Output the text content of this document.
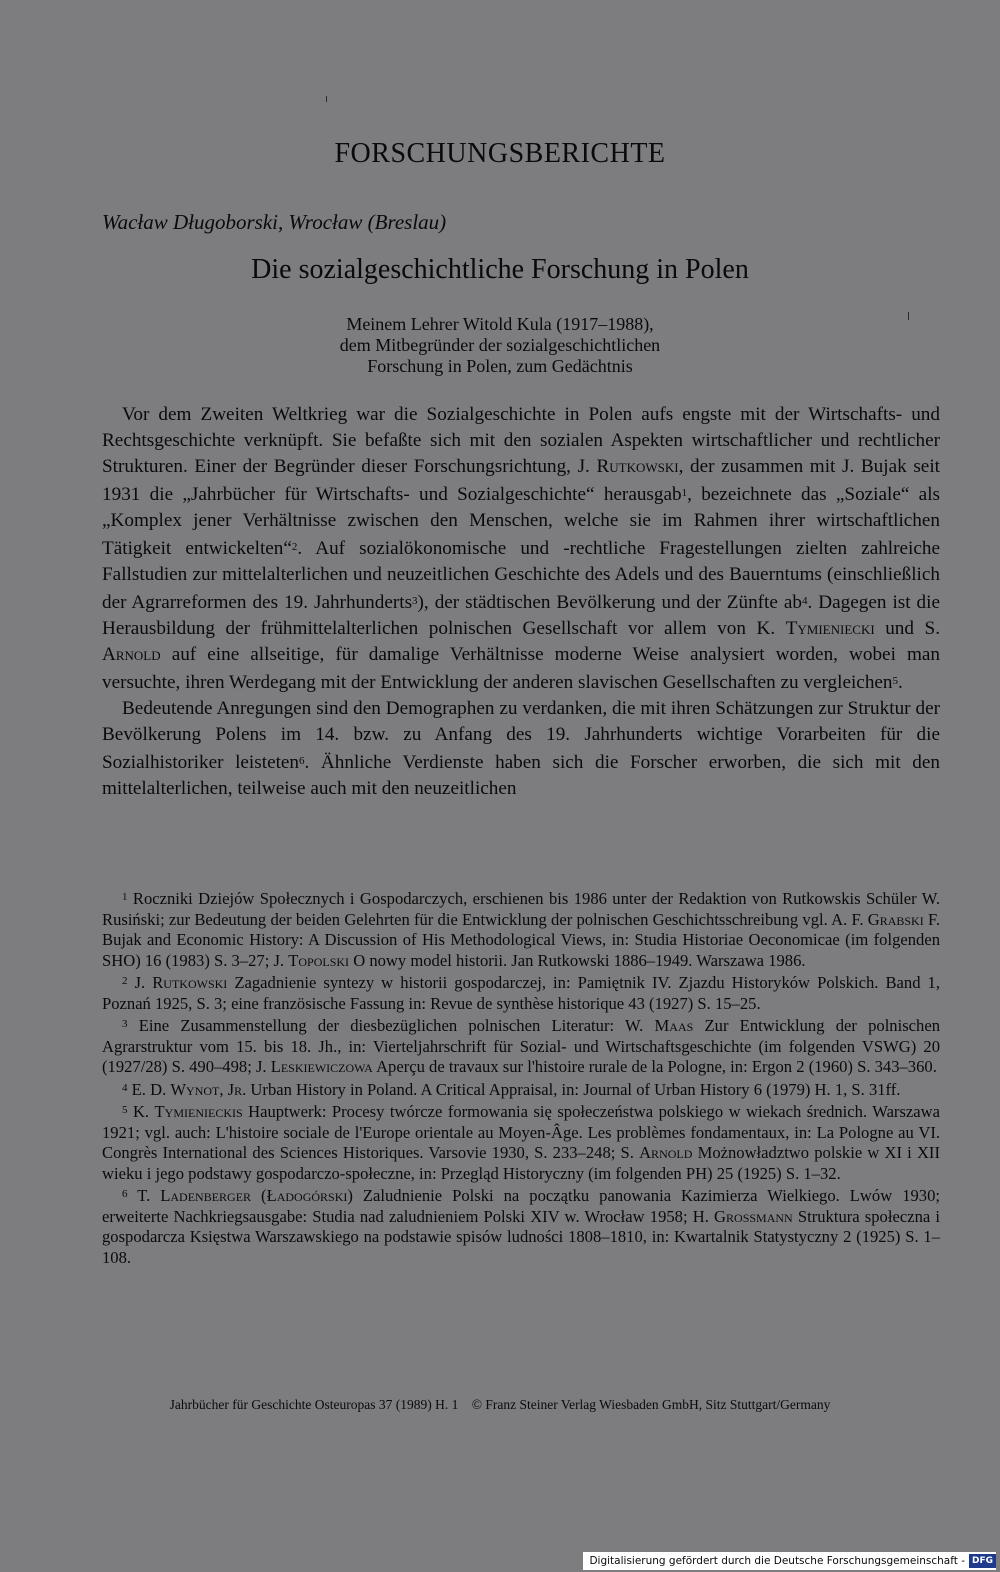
FORSCHUNGSBERICHTE
Wacław Długoborski, Wrocław (Breslau)
Die sozialgeschichtliche Forschung in Polen
Meinem Lehrer Witold Kula (1917–1988),
dem Mitbegründer der sozialgeschichtlichen
Forschung in Polen, zum Gedächtnis

Vor dem Zweiten Weltkrieg war die Sozialgeschichte in Polen aufs engste mit der Wirtschafts- und Rechtsgeschichte verknüpft. Sie befaßte sich mit den sozialen Aspekten wirtschaftlicher und rechtlicher Strukturen. Einer der Begründer dieser Forschungsrichtung, J. Rutkowski, der zusammen mit J. Bujak seit 1931 die „Jahrbücher für Wirtschafts- und Sozialgeschichte“ herausgab$^1$, bezeichnete das „Soziale“ als „Komplex jener Verhältnisse zwischen den Menschen, welche sie im Rahmen ihrer wirtschaftlichen Tätigkeit entwickelten“$^2$. Auf sozialökonomische und -rechtliche Fragestellungen zielten zahlreiche Fallstudien zur mittelalterlichen und neuzeitlichen Geschichte des Adels und des Bauerntums (einschließlich der Agrarreformen des 19. Jahrhunderts$^3$), der städtischen Bevölkerung und der Zünfte ab$^4$. Dagegen ist die Herausbildung der frühmittelalterlichen polnischen Gesellschaft vor allem von K. Tymieniecki und S. Arnold auf eine allseitige, für damalige Verhältnisse moderne Weise analysiert worden, wobei man versuchte, ihren Werdegang mit der Entwicklung der anderen slavischen Gesellschaften zu vergleichen$^5$.

Bedeutende Anregungen sind den Demographen zu verdanken, die mit ihren Schätzungen zur Struktur der Bevölkerung Polens im 14. bzw. zu Anfang des 19. Jahrhunderts wichtige Vorarbeiten für die Sozialhistoriker leisteten$^6$. Ähnliche Verdienste haben sich die Forscher erworben, die sich mit den mittelalterlichen, teilweise auch mit den neuzeitlichen

$^1$ Roczniki Dziejów Społecznych i Gospodarczych, erschienen bis 1986 unter der Redaktion von Rutkowskis Schüler W. Rusiński; zur Bedeutung der beiden Gelehrten für die Entwicklung der polnischen Geschichtsschreibung vgl. A. F. Grabski F. Bujak and Economic History: A Discussion of His Methodological Views, in: Studia Historiae Oeconomicae (im folgenden SHO) 16 (1983) S. 3–27; J. Topolski O nowy model historii. Jan Rutkowski 1886–1949. Warszawa 1986.

$^2$ J. Rutkowski Zagadnienie syntezy w historii gospodarczej, in: Pamiętnik IV. Zjazdu Historyków Polskich. Band 1, Poznań 1925, S. 3; eine französische Fassung in: Revue de synthèse historique 43 (1927) S. 15–25.

$^3$ Eine Zusammenstellung der diesbezüglichen polnischen Literatur: W. Maas Zur Entwicklung der polnischen Agrarstruktur vom 15. bis 18. Jh., in: Vierteljahrschrift für Sozial- und Wirtschaftsgeschichte (im folgenden VSWG) 20 (1927/28) S. 490–498; J. Leskiewiczowa Aperçu de travaux sur l'histoire rurale de la Pologne, in: Ergon 2 (1960) S. 343–360.

$^4$ E. D. Wynot, Jr. Urban History in Poland. A Critical Appraisal, in: Journal of Urban History 6 (1979) H. 1, S. 31ff.

$^5$ K. Tymienieckis Hauptwerk: Procesy twórcze formowania się społeczeństwa polskiego w wiekach średnich. Warszawa 1921; vgl. auch: L'histoire sociale de l'Europe orientale au Moyen-Âge. Les problèmes fondamentaux, in: La Pologne au VI. Congrès International des Sciences Historiques. Varsovie 1930, S. 233–248; S. Arnold Możnowładztwo polskie w XI i XII wieku i jego podstawy gospodarczo-społeczne, in: Przegląd Historyczny (im folgenden PH) 25 (1925) S. 1–32.

$^6$ T. Ladenberger (Ładogórski) Zaludnienie Polski na początku panowania Kazimierza Wielkiego. Lwów 1930; erweiterte Nachkriegsausgabe: Studia nad zaludnieniem Polski XIV w. Wrocław 1958; H. Grossmann Struktura społeczna i gospodarcza Księstwa Warszawskiego na podstawie spisów ludności 1808–1810, in: Kwartalnik Statystyczny 2 (1925) S. 1–108.

Jahrbücher für Geschichte Osteuropas 37 (1989) H. 1 © Franz Steiner Verlag Wiesbaden GmbH, Sitz Stuttgart/Germany
Digitalisierung gefördert durch die Deutsche Forschungsgemeinschaft - DFG
